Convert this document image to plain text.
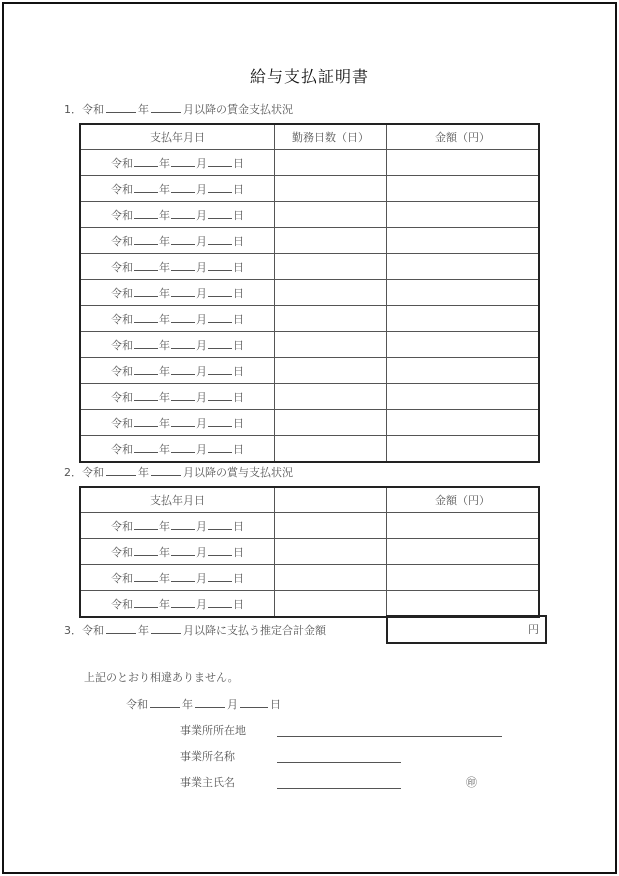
給与支払証明書
1．令和	年	月以降の賃金支払状況
支払年月日	勤務日数（日）	金額（円）
令和 年 月 日		
令和 年 月 日		
令和 年 月 日		
令和 年 月 日		
令和 年 月 日		
令和 年 月 日		
令和 年 月 日		
令和 年 月 日		
令和 年 月 日		
令和 年 月 日		
令和 年 月 日		
令和 年 月 日		
2．令和	年	月以降の賞与支払状況
支払年月日		金額（円）
令和 年 月 日		
令和 年 月 日		
令和 年 月 日		
令和 年 月 日		
3．令和	年	月以降に支払う推定合計金額	円
上記のとおり相違ありません。
令和	年	月	日
事業所所在地
事業所名称
事業主氏名	㊞
